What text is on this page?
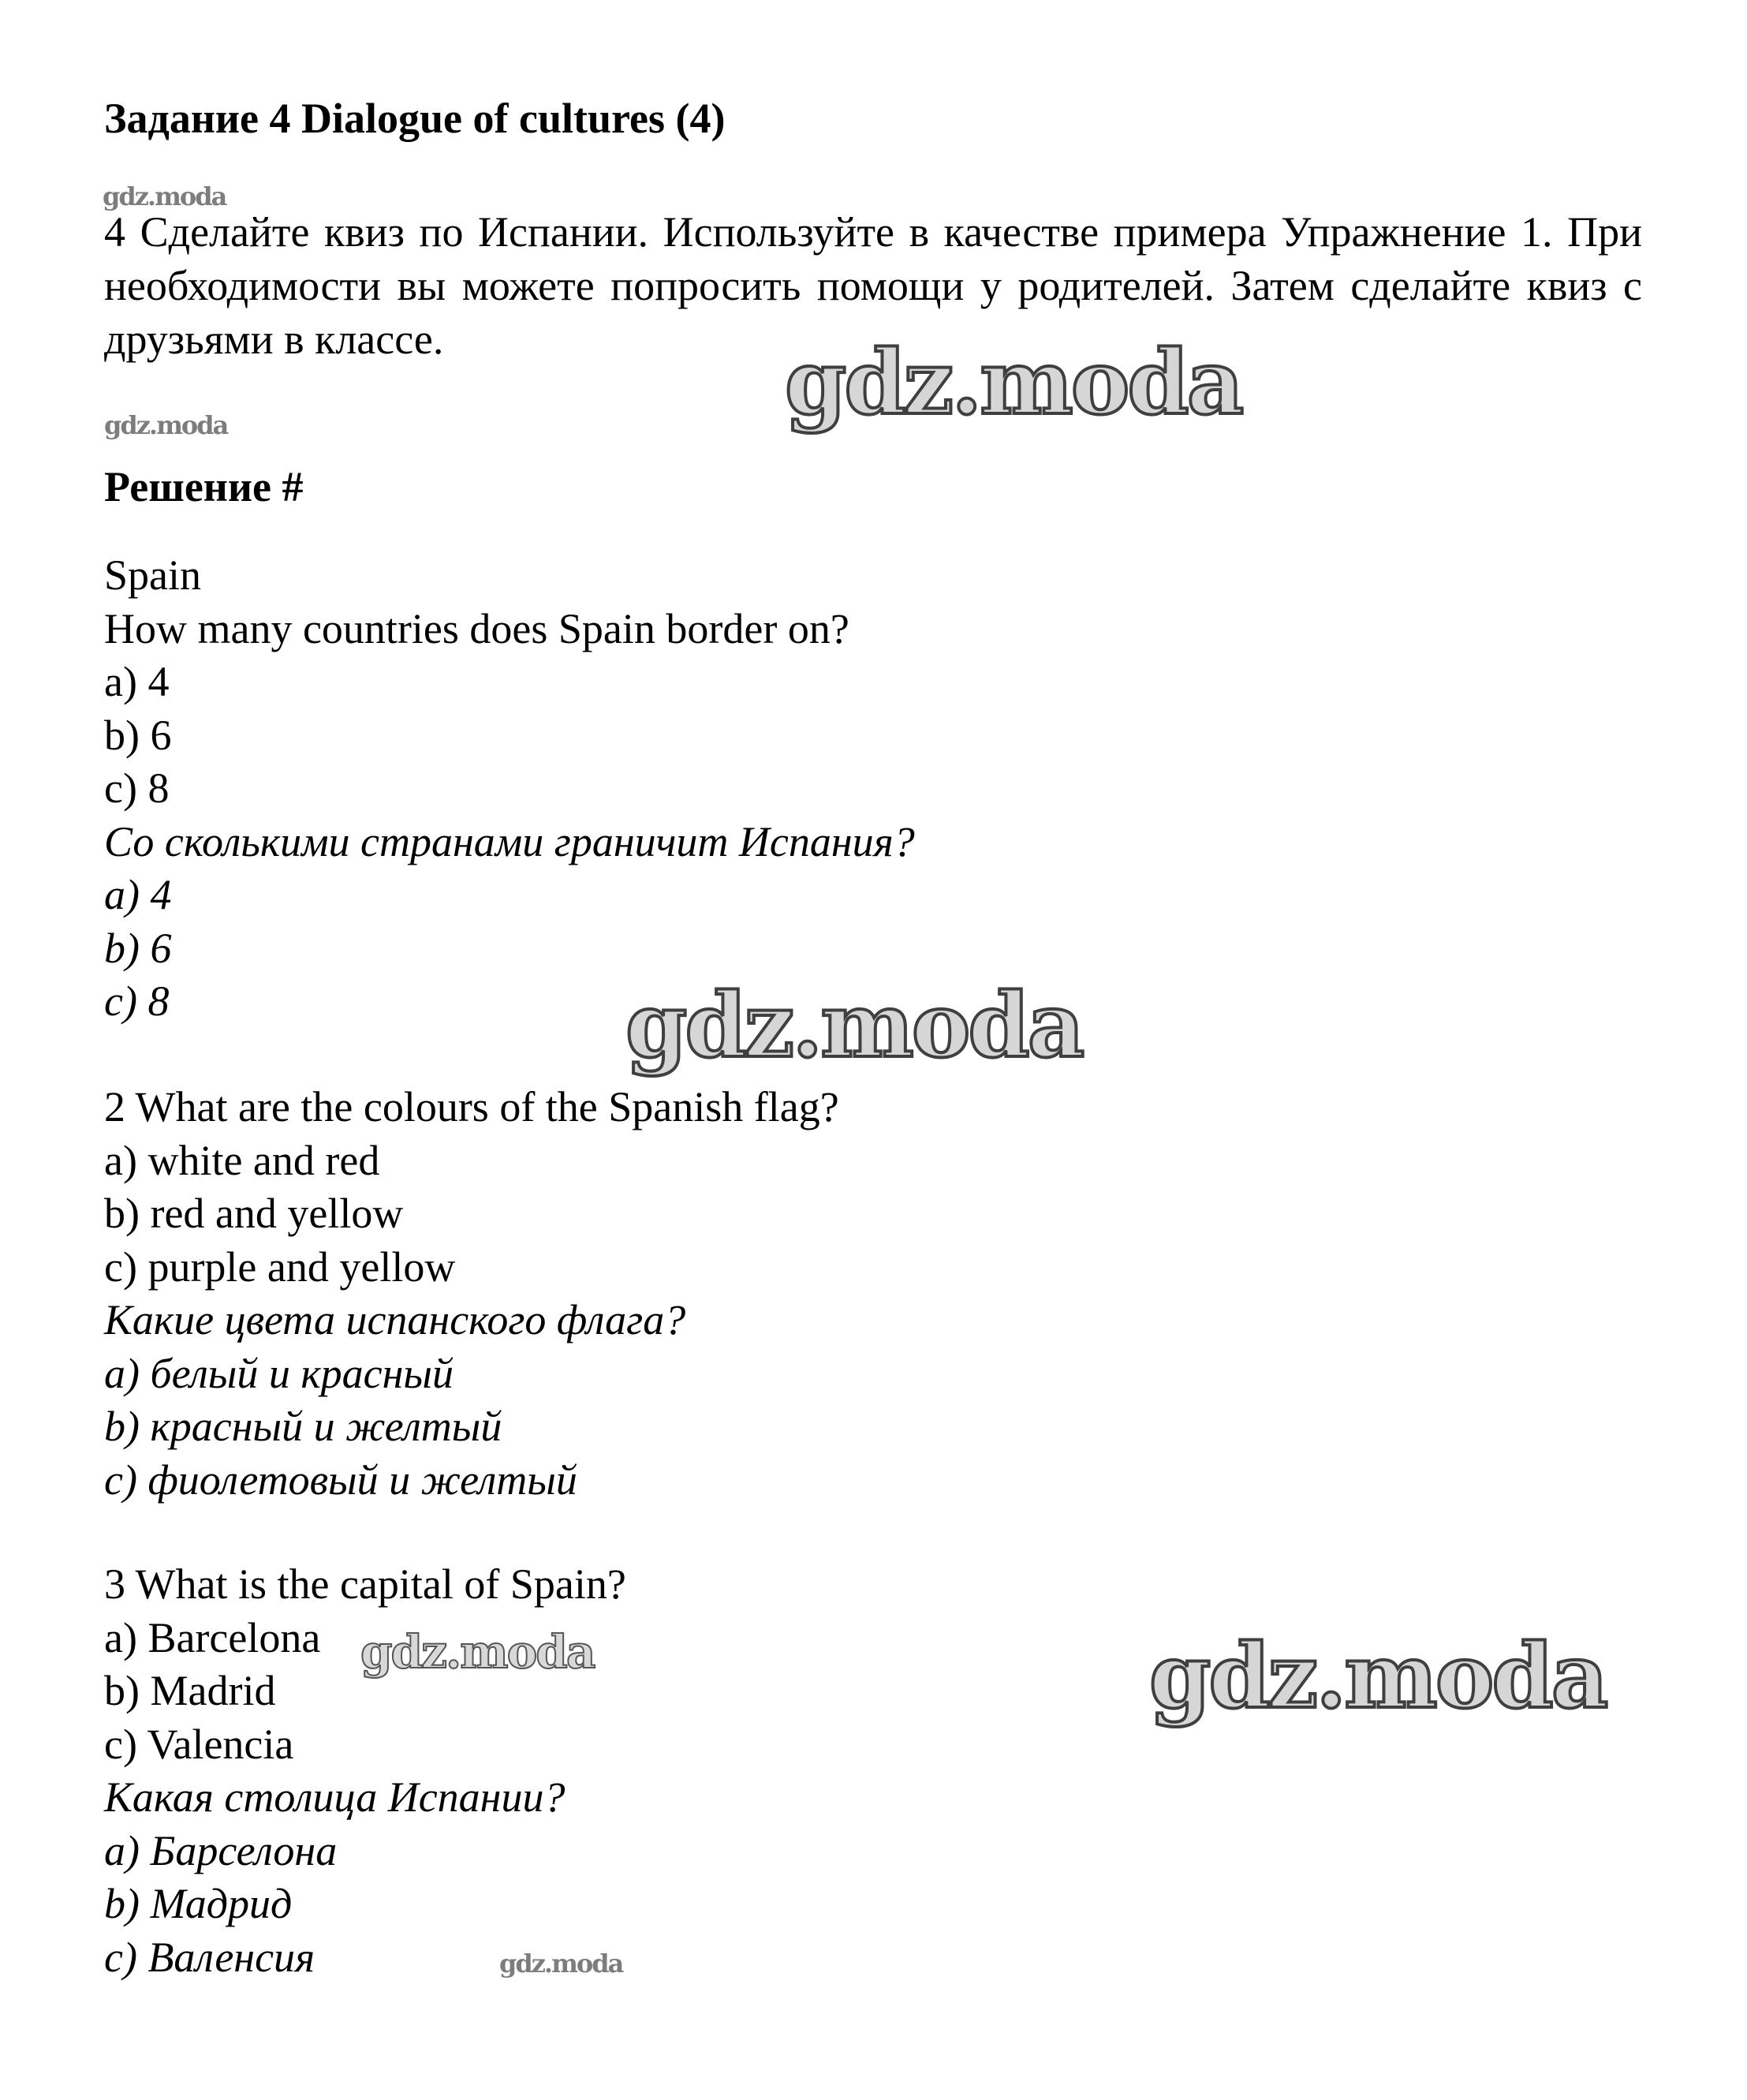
Задание 4 Dialogue of cultures (4)
gdz.moda
4 Сделайте квиз по Испании. Используйте в качестве примера Упражнение 1. При необходимости вы можете попросить помощи у родителей. Затем сделайте квиз с друзьями в классе.	gdz.moda
gdz.moda
Решение #
Spain
How many countries does Spain border on?
a) 4
b) 6
c) 8
Со сколькими странами граничит Испания?
a) 4
b) 6
c) 8	gdz.moda
2 What are the colours of the Spanish flag?
a) white and red
b) red and yellow
c) purple and yellow
Какие цвета испанского флага?
a) белый и красный
b) красный и желтый
c) фиолетовый и желтый
3 What is the capital of Spain?
a) Barcelona
b) Madrid
c) Valencia
Какая столица Испании?
a) Барселона
b) Мадрид
c) Валенсия
gdz.moda	gdz.moda
gdz.moda
